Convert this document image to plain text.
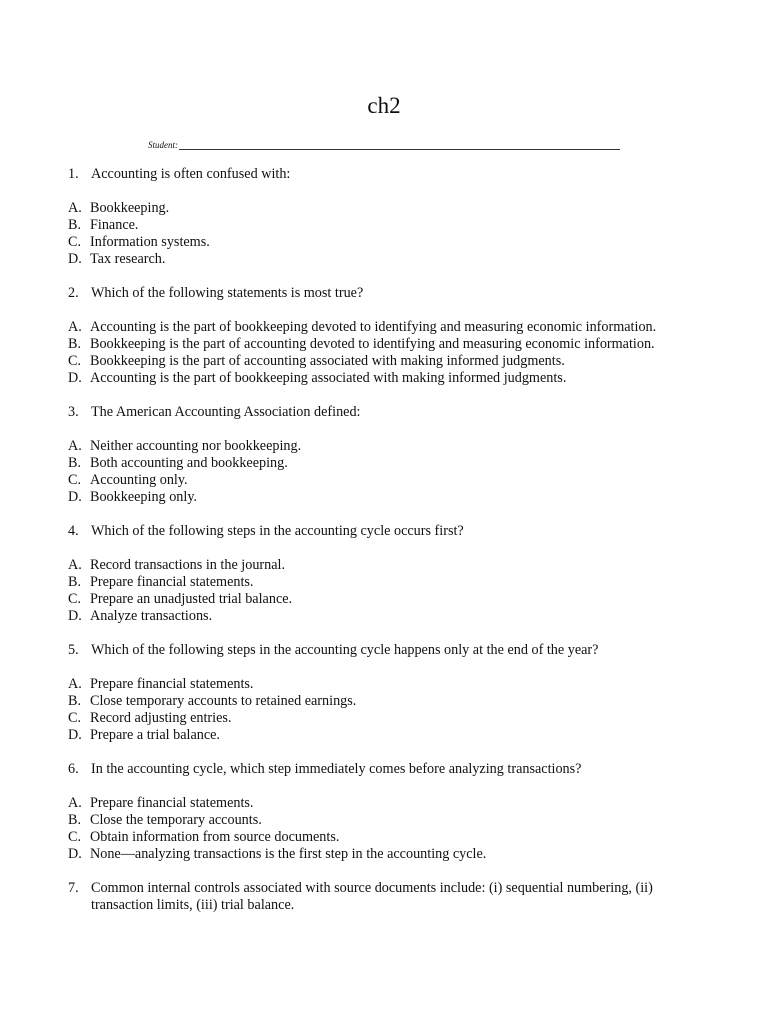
ch2
Student:
1. Accounting is often confused with:
A. Bookkeeping.
B. Finance.
C. Information systems.
D. Tax research.
2. Which of the following statements is most true?
A. Accounting is the part of bookkeeping devoted to identifying and measuring economic information.
B. Bookkeeping is the part of accounting devoted to identifying and measuring economic information.
C. Bookkeeping is the part of accounting associated with making informed judgments.
D. Accounting is the part of bookkeeping associated with making informed judgments.
3. The American Accounting Association defined:
A. Neither accounting nor bookkeeping.
B. Both accounting and bookkeeping.
C. Accounting only.
D. Bookkeeping only.
4. Which of the following steps in the accounting cycle occurs first?
A. Record transactions in the journal.
B. Prepare financial statements.
C. Prepare an unadjusted trial balance.
D. Analyze transactions.
5. Which of the following steps in the accounting cycle happens only at the end of the year?
A. Prepare financial statements.
B. Close temporary accounts to retained earnings.
C. Record adjusting entries.
D. Prepare a trial balance.
6. In the accounting cycle, which step immediately comes before analyzing transactions?
A. Prepare financial statements.
B. Close the temporary accounts.
C. Obtain information from source documents.
D. None—analyzing transactions is the first step in the accounting cycle.
7. Common internal controls associated with source documents include: (i) sequential numbering, (ii) transaction limits, (iii) trial balance.
